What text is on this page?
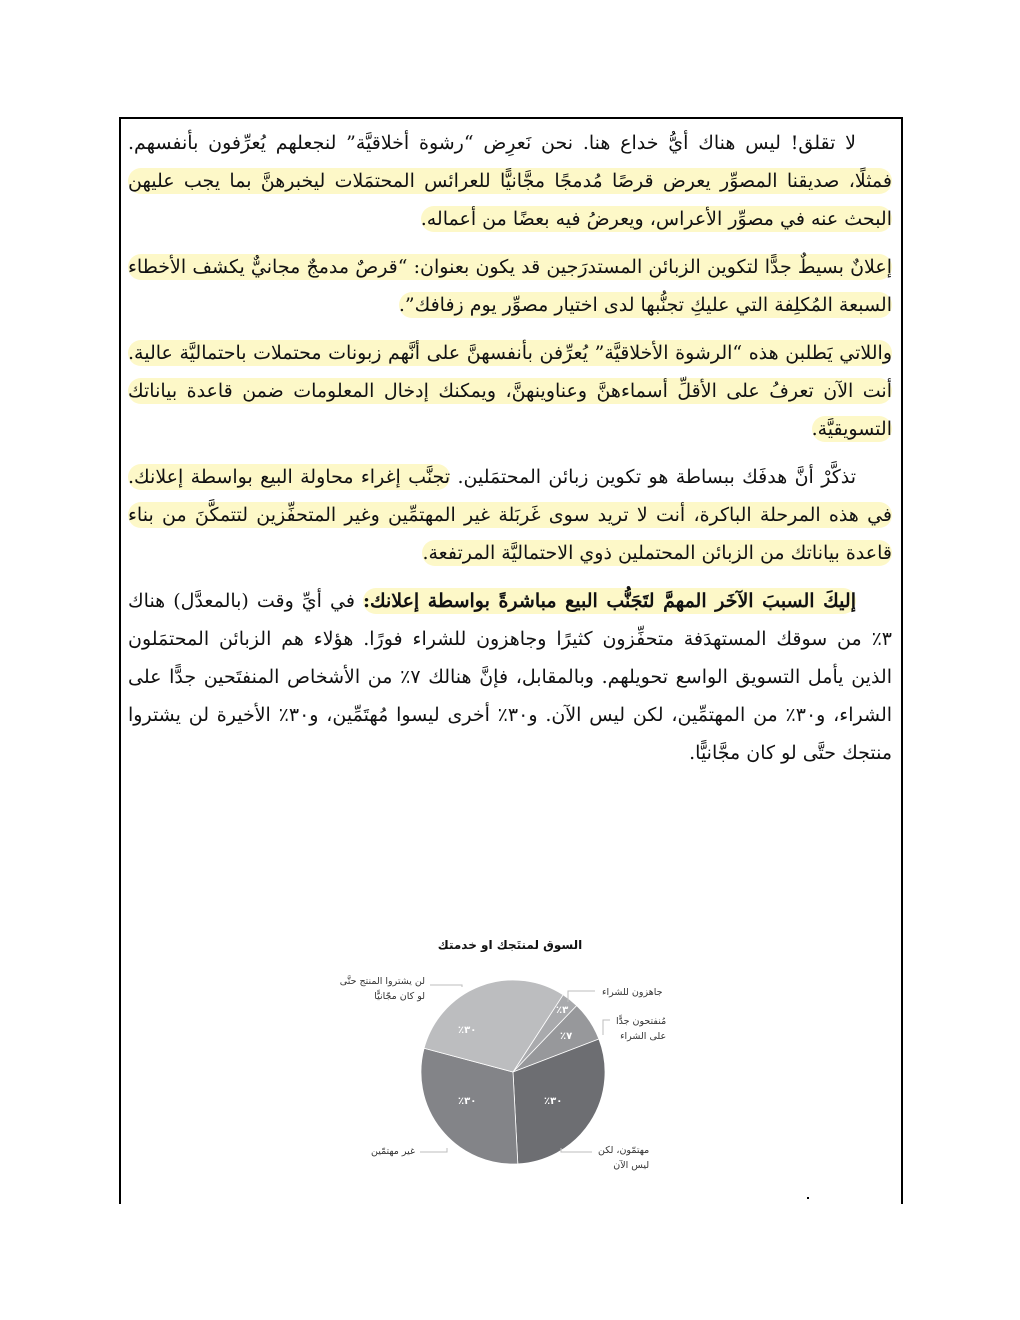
لا تقلق! ليس هناك أيُّ خداع هنا. نحن نَعرِض “رشوة أخلاقيَّة” لنجعلهم يُعرِّفون بأنفسهم. فمثلًا، صديقنا المصوِّر يعرض قرصًا مُدمجًا مجَّانيًّا للعرائس المحتمَلات ليخبرهنَّ بما يجب عليهن البحث عنه في مصوِّر الأعراس، ويعرضُ فيه بعضًا من أعماله.

إعلانٌ بسيطٌ جدًّا لتكوين الزبائن المستدرَجين قد يكون بعنوان: “قرصٌ مدمجٌ مجانيٌّ يكشف الأخطاء السبعة المُكلِفة التي عليكِ تجنُّبها لدى اختيار مصوِّر يوم زفافك”.

واللاتي يَطلبن هذه “الرشوة الأخلاقيَّة” يُعرِّفن بأنفسهنَّ على أنَّهم زبونات محتملات باحتماليَّة عالية. أنت الآن تعرفُ على الأقلِّ أسماءهنَّ وعناوينهنَّ، ويمكنك إدخال المعلومات ضمن قاعدة بياناتك التسويقيَّة.

تذكَّرْ أنَّ هدفَك ببساطة هو تكوين زبائن المحتمَلين. تجنَّب إغراء محاولة البيع بواسطة إعلانك. في هذه المرحلة الباكرة، أنت لا تريد سوى غَربَلة غير المهتمِّين وغير المتحفِّزين لتتمكَّنَ من بناء قاعدة بياناتك من الزبائن المحتملين ذوي الاحتماليَّة المرتفعة.

إليكَ السببَ الآخَر المهمَّ لتَجَنُّب البيع مباشرةً بواسطة إعلانك: في أيِّ وقت (بالمعدَّل) هناك ٣٪ من سوقك المستهدَفة متحفِّزون كثيرًا وجاهزون للشراء فورًا. هؤلاء هم الزبائن المحتمَلون الذين يأمل التسويق الواسع تحويلهم. وبالمقابل، فإنَّ هنالك ٧٪ من الأشخاص المنفتَحين جدًّا على الشراء، و٣٠٪ من المهتمِّين، لكن ليس الآن. و٣٠٪ أخرى ليسوا مُهتَمِّين، و٣٠٪ الأخيرة لن يشتروا منتجك حتَّى لو كان مجَّانيًّا.

السوق لمنتَجك او خدمتك
٣٠٪
٣٪
٧٪
٣٠٪
٣٠٪
لن يشتروا المنتج حتَّى
لو كان مجّانيًّا	جاهزون للشراء
مُنفتحون جدًّا
على الشراء
مهتمّون، لكن
ليس الآن
غير مهتمّين
